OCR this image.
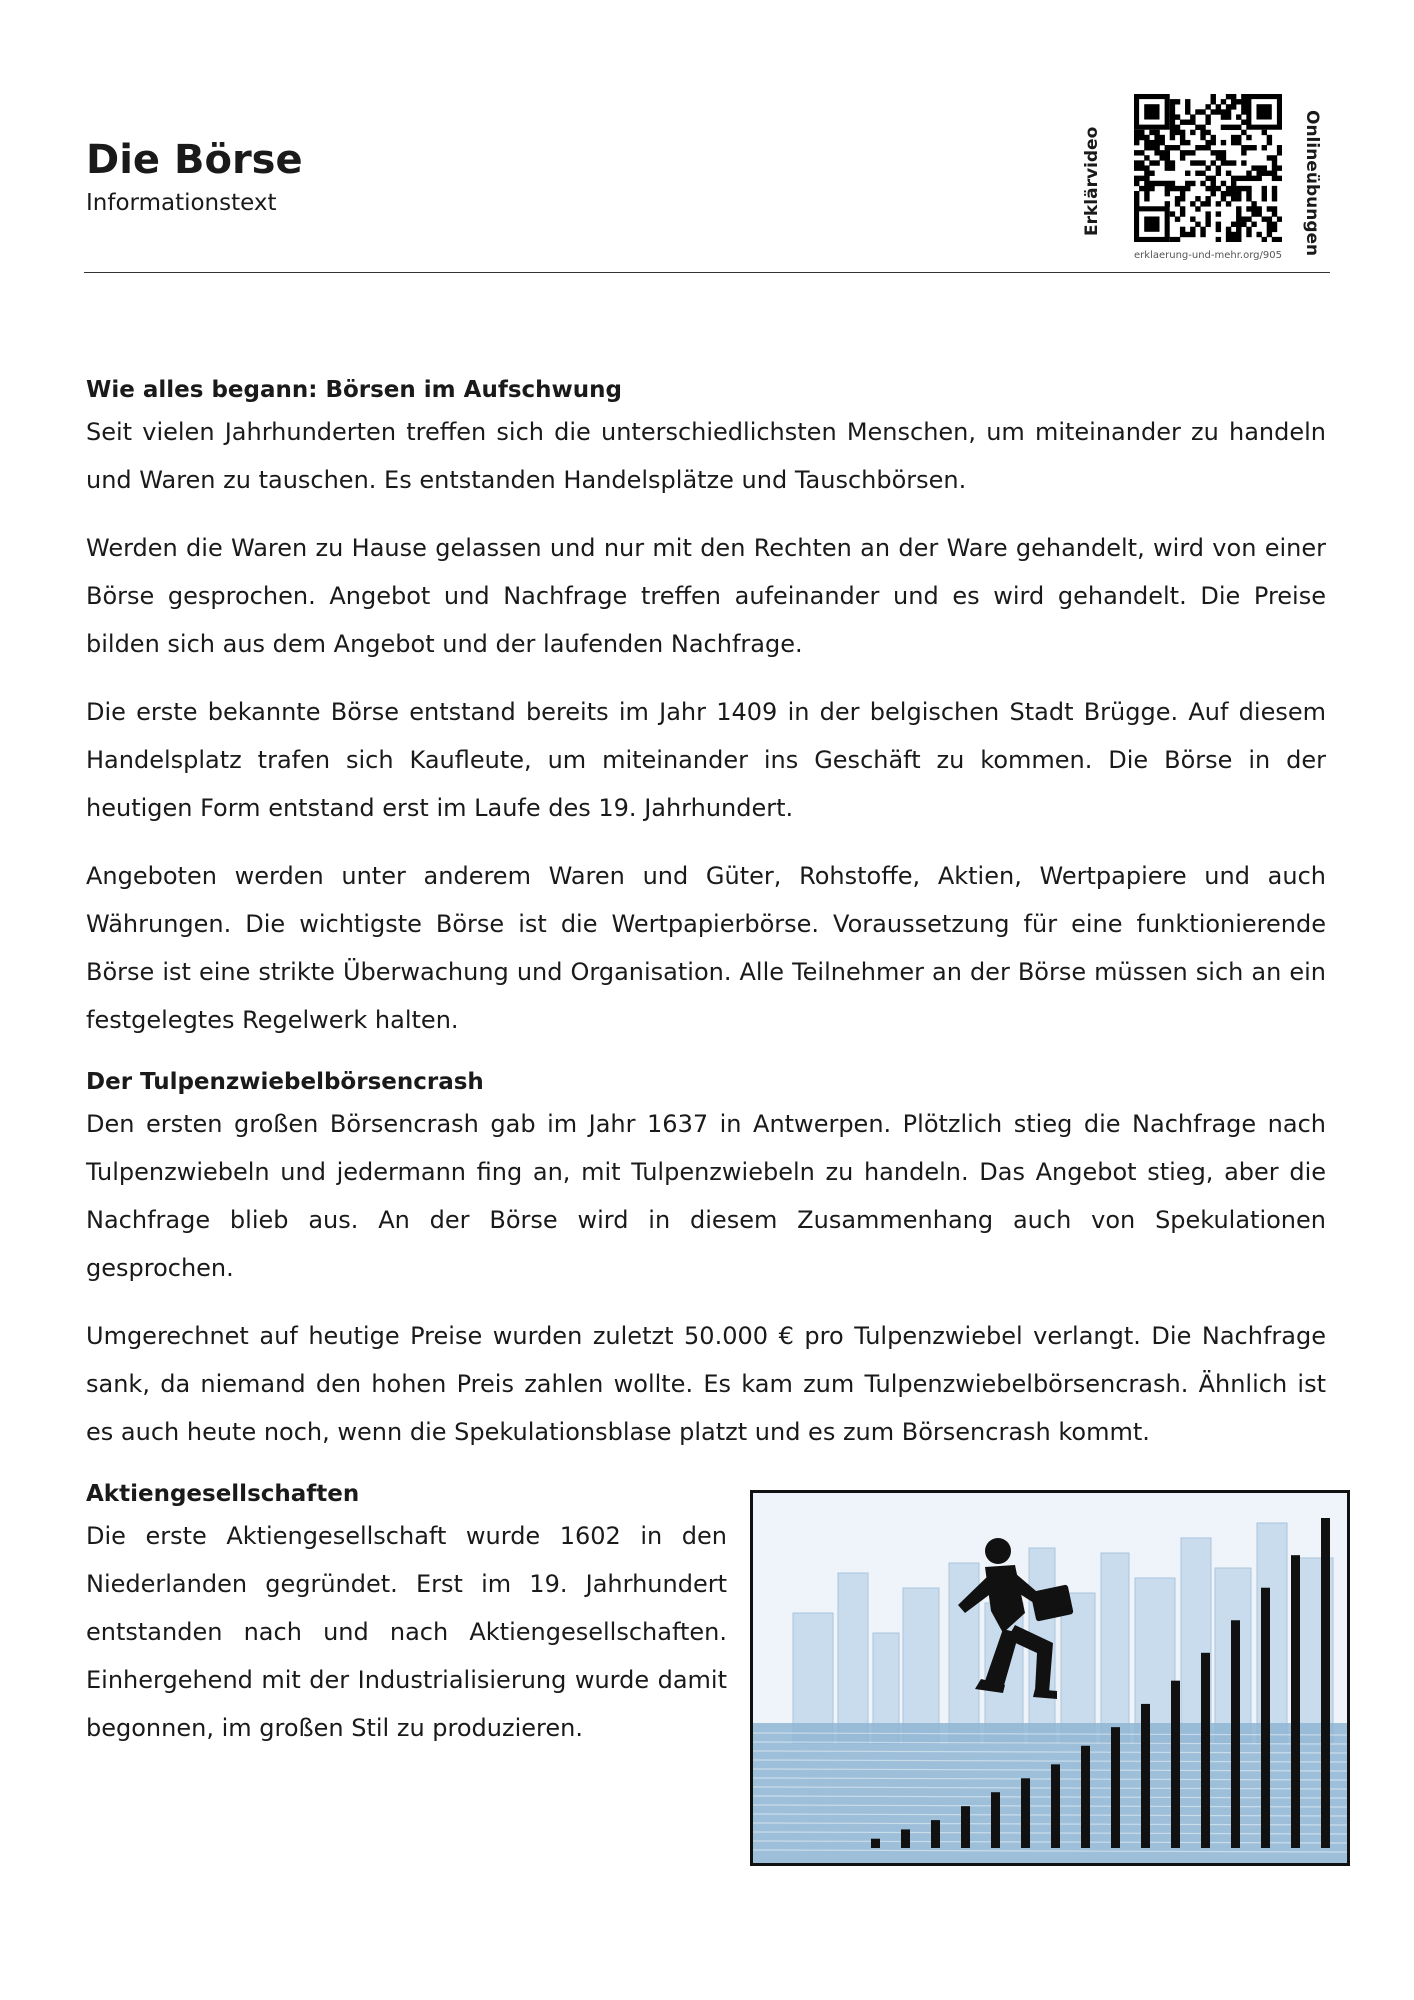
Die Börse
Informationstext	Erklärvideo	Onlineübungen
erklaerung-und-mehr.org/905
Wie alles begann: Börsen im Aufschwung

Seit vielen Jahrhunderten treffen sich die unterschiedlichsten Menschen, um miteinander zu handeln und Waren zu tauschen. Es entstanden Handelsplätze und Tauschbörsen.

Werden die Waren zu Hause gelassen und nur mit den Rechten an der Ware gehandelt, wird von einer Börse gesprochen. Angebot und Nachfrage treffen aufeinander und es wird gehandelt. Die Preise bilden sich aus dem Angebot und der laufenden Nachfrage.

Die erste bekannte Börse entstand bereits im Jahr 1409 in der belgischen Stadt Brügge. Auf diesem Handelsplatz trafen sich Kaufleute, um miteinander ins Geschäft zu kommen. Die Börse in der heutigen Form entstand erst im Laufe des 19. Jahrhundert.

Angeboten werden unter anderem Waren und Güter, Rohstoffe, Aktien, Wertpapiere und auch Währungen. Die wichtigste Börse ist die Wertpapierbörse. Voraussetzung für eine funktionierende Börse ist eine strikte Überwachung und Organisation. Alle Teilnehmer an der Börse müssen sich an ein festgelegtes Regelwerk halten.

Der Tulpenzwiebelbörsencrash

Den ersten großen Börsencrash gab im Jahr 1637 in Antwerpen. Plötzlich stieg die Nachfrage nach Tulpenzwiebeln und jedermann fing an, mit Tulpenzwiebeln zu handeln. Das Angebot stieg, aber die Nachfrage blieb aus. An der Börse wird in diesem Zusammenhang auch von Spekulationen gesprochen.

Umgerechnet auf heutige Preise wurden zuletzt 50.000 € pro Tulpenzwiebel verlangt. Die Nachfrage sank, da niemand den hohen Preis zahlen wollte. Es kam zum Tulpenzwiebelbörsencrash. Ähnlich ist es auch heute noch, wenn die Spekulationsblase platzt und es zum Börsencrash kommt.

Aktiengesellschaften

Die erste Aktiengesellschaft wurde 1602 in den Niederlanden gegründet. Erst im 19. Jahrhundert entstanden nach und nach Aktiengesellschaften. Einhergehend mit der Industrialisierung wurde damit begonnen, im großen Stil zu produzieren.
